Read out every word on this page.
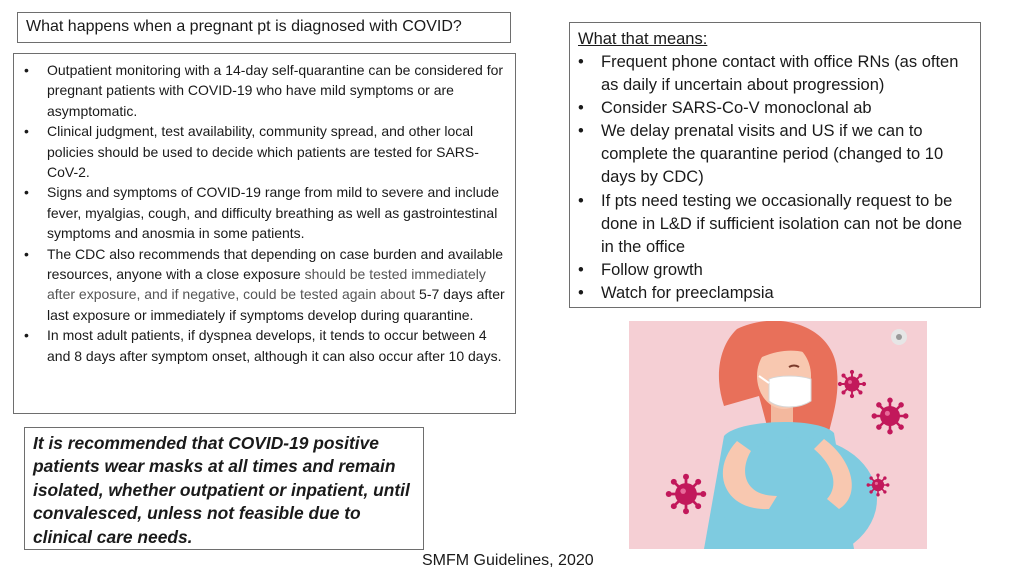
What happens when a pregnant pt is diagnosed with COVID?
• Outpatient monitoring with a 14-day self-quarantine can be considered for pregnant patients with COVID-19 who have mild symptoms or are asymptomatic.
• Clinical judgment, test availability, community spread, and other local policies should be used to decide which patients are tested for SARS-CoV-2.
• Signs and symptoms of COVID-19 range from mild to severe and include fever, myalgias, cough, and difficulty breathing as well as gastrointestinal symptoms and anosmia in some patients.
• The CDC also recommends that depending on case burden and available resources, anyone with a close exposure should be tested immediately after exposure, and if negative, could be tested again about 5-7 days after last exposure or immediately if symptoms develop during quarantine.
• In most adult patients, if dyspnea develops, it tends to occur between 4 and 8 days after symptom onset, although it can also occur after 10 days.
What that means:
• Frequent phone contact with office RNs (as often as daily if uncertain about progression)
• Consider SARS-Co-V monoclonal ab
• We delay prenatal visits and US if we can to complete the quarantine period (changed to 10 days by CDC)
• If pts need testing we occasionally request to be done in L&D if sufficient isolation can not be done in the office
• Follow growth
• Watch for preeclampsia

It is recommended that COVID-19 positive patients wear masks at all times and remain isolated, whether outpatient or inpatient, until convalesced, unless not feasible due to clinical care needs.

SMFM Guidelines, 2020
